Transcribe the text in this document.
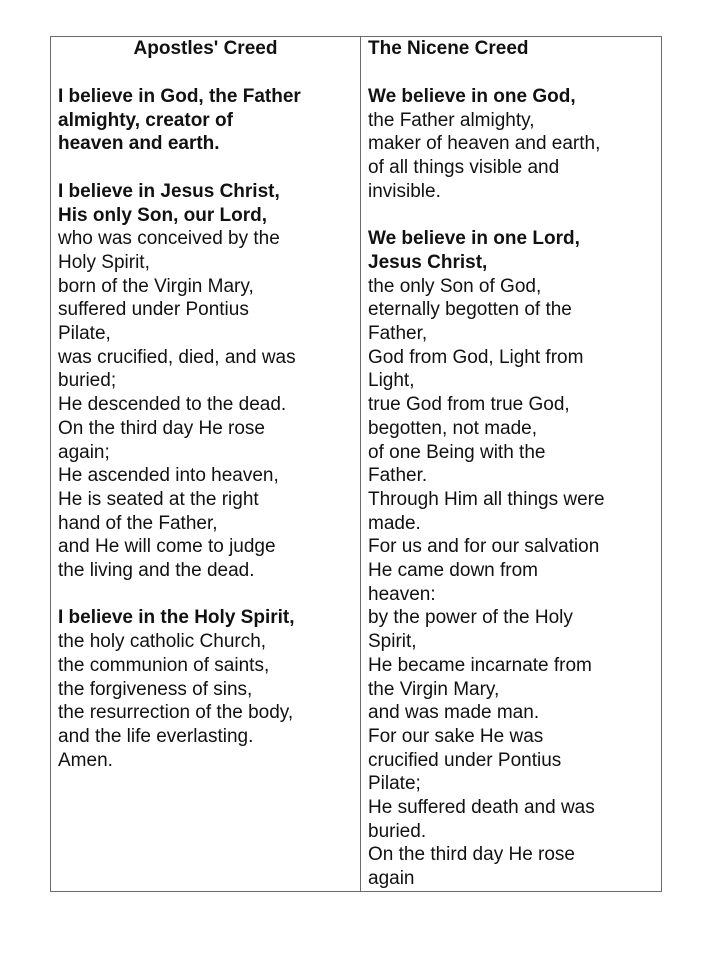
Apostles' Creed
I believe in God, the Father
almighty, creator of
heaven and earth.
I believe in Jesus Christ,
His only Son, our Lord,
who was conceived by the
Holy Spirit,
born of the Virgin Mary,
suffered under Pontius
Pilate,
was crucified, died, and was
buried;
He descended to the dead.
On the third day He rose
again;
He ascended into heaven,
He is seated at the right
hand of the Father,
and He will come to judge
the living and the dead.
I believe in the Holy Spirit,
the holy catholic Church,
the communion of saints,
the forgiveness of sins,
the resurrection of the body,
and the life everlasting.
Amen.
The Nicene Creed
We believe in one God,
the Father almighty,
maker of heaven and earth,
of all things visible and
invisible.
We believe in one Lord,
Jesus Christ,
the only Son of God,
eternally begotten of the
Father,
God from God, Light from
Light,
true God from true God,
begotten, not made,
of one Being with the
Father.
Through Him all things were
made.
For us and for our salvation
He came down from
heaven:
by the power of the Holy
Spirit,
He became incarnate from
the Virgin Mary,
and was made man.
For our sake He was
crucified under Pontius
Pilate;
He suffered death and was
buried.
On the third day He rose
again
